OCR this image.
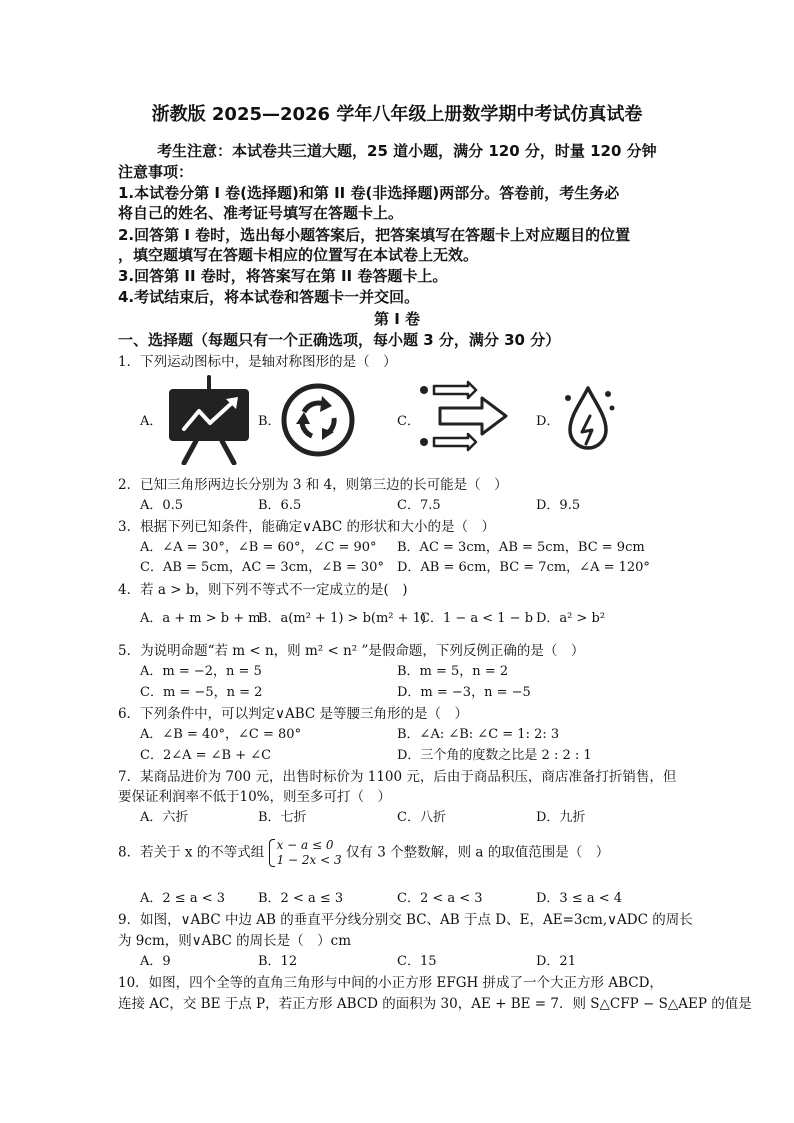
浙教版 2025—2026 学年八年级上册数学期中考试仿真试卷
考生注意：本试卷共三道大题，25 道小题，满分 120 分，时量 120 分钟
注意事项：
1.本试卷分第 I 卷(选择题)和第 II 卷(非选择题)两部分。答卷前，考生务必
将自己的姓名、准考证号填写在答题卡上。
2.回答第 I 卷时，选出每小题答案后，把答案填写在答题卡上对应题目的位置
，填空题填写在答题卡相应的位置写在本试卷上无效。
3.回答第 II 卷时，将答案写在第 II 卷答题卡上。
4.考试结束后，将本试卷和答题卡一并交回。
第 I 卷
一、选择题（每题只有一个正确选项，每小题 3 分，满分 30 分）
1．下列运动图标中，是轴对称图形的是（　）
A．	B．	C．	D．
2．已知三角形两边长分别为 3 和 4，则第三边的长可能是（　）
A．0.5	B．6.5	C．7.5	D．9.5
3．根据下列已知条件，能确定∨ABC 的形状和大小的是（　）
A．∠A = 30°，∠B = 60°，∠C = 90° B．AC = 3cm，AB = 5cm，BC = 9cm
C．AB = 5cm，AC = 3cm，∠B = 30° D．AB = 6cm，BC = 7cm，∠A = 120°
4．若 a > b，则下列不等式不一定成立的是(　)
A．a + m > b + m
B．a(m² + 1) > b(m² + 1)
C．1 − a < 1 − b D．a² > b²
5．为说明命题“若 m < n，则 m² < n² ”是假命题，下列反例正确的是（　）
A．m = −2，n = 5	B．m = 5，n = 2
C．m = −5，n = 2	D．m = −3，n = −5
6．下列条件中，可以判定∨ABC 是等腰三角形的是（　）
A．∠B = 40°，∠C = 80°	B．∠A: ∠B: ∠C = 1: 2: 3
C．2∠A = ∠B + ∠C	D．三个角的度数之比是 2 : 2 : 1
7．某商品进价为 700 元，出售时标价为 1100 元，后由于商品积压，商店准备打折销售，但
要保证利润率不低于10%，则至多可打（　）
A．六折	B．七折	C．八折	D．九折
8．若关于 x 的不等式组 x − a ≤ 0
1 − 2x < 3 仅有 3 个整数解，则 a 的取值范围是（　）
A．2 ≤ a < 3	B．2 < a ≤ 3	C．2 < a < 3	D．3 ≤ a < 4
9．如图，∨ABC 中边 AB 的垂直平分线分别交 BC、AB 于点 D、E，AE=3cm,∨ADC 的周长
为 9cm，则∨ABC 的周长是（　）cm
A．9	B．12	C．15	D．21
10．如图，四个全等的直角三角形与中间的小正方形 EFGH 拼成了一个大正方形 ABCD，
连接 AC，交 BE 于点 P，若正方形 ABCD 的面积为 30，AE + BE = 7．则 S△CFP − S△AEP 的值是
